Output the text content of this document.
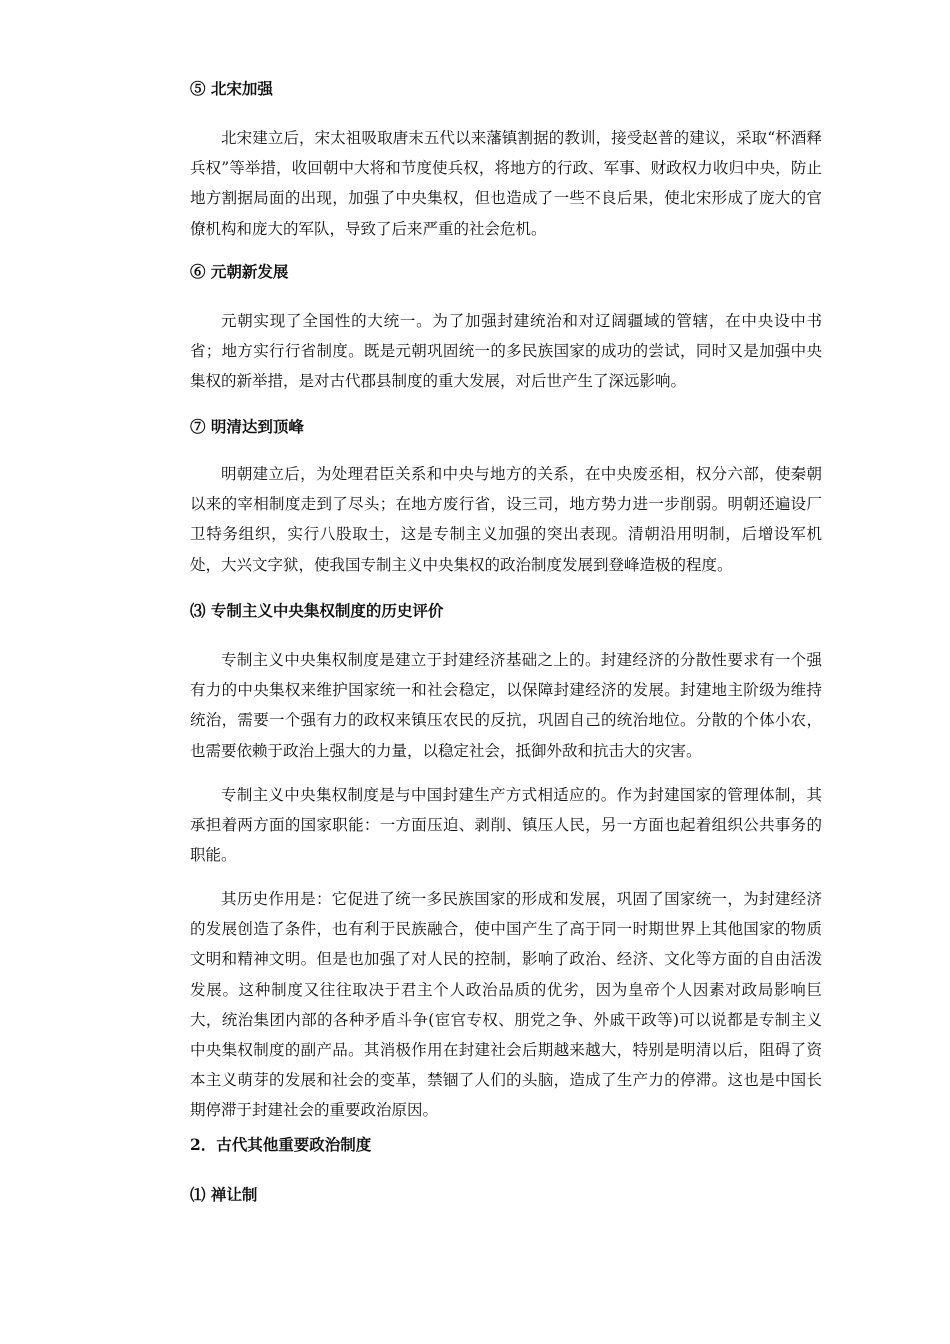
⑤ 北宋加强

北宋建立后，宋太祖吸取唐末五代以来藩镇割据的教训，接受赵普的建议，采取“杯酒释兵权”等举措，收回朝中大将和节度使兵权，将地方的行政、军事、财政权力收归中央，防止地方割据局面的出现，加强了中央集权，但也造成了一些不良后果，使北宋形成了庞大的官僚机构和庞大的军队，导致了后来严重的社会危机。

⑥ 元朝新发展

元朝实现了全国性的大统一。为了加强封建统治和对辽阔疆域的管辖，在中央设中书省；地方实行行省制度。既是元朝巩固统一的多民族国家的成功的尝试，同时又是加强中央集权的新举措，是对古代郡县制度的重大发展，对后世产生了深远影响。

⑦ 明清达到顶峰

明朝建立后，为处理君臣关系和中央与地方的关系，在中央废丞相，权分六部，使秦朝以来的宰相制度走到了尽头；在地方废行省，设三司，地方势力进一步削弱。明朝还遍设厂卫特务组织，实行八股取士，这是专制主义加强的突出表现。清朝沿用明制，后增设军机处，大兴文字狱，使我国专制主义中央集权的政治制度发展到登峰造极的程度。

⑶ 专制主义中央集权制度的历史评价

专制主义中央集权制度是建立于封建经济基础之上的。封建经济的分散性要求有一个强有力的中央集权来维护国家统一和社会稳定，以保障封建经济的发展。封建地主阶级为维持统治，需要一个强有力的政权来镇压农民的反抗，巩固自己的统治地位。分散的个体小农，也需要依赖于政治上强大的力量，以稳定社会，抵御外敌和抗击大的灾害。

专制主义中央集权制度是与中国封建生产方式相适应的。作为封建国家的管理体制，其承担着两方面的国家职能：一方面压迫、剥削、镇压人民，另一方面也起着组织公共事务的职能。

其历史作用是：它促进了统一多民族国家的形成和发展，巩固了国家统一，为封建经济的发展创造了条件，也有利于民族融合，使中国产生了高于同一时期世界上其他国家的物质文明和精神文明。但是也加强了对人民的控制，影响了政治、经济、文化等方面的自由活泼发展。这种制度又往往取决于君主个人政治品质的优劣，因为皇帝个人因素对政局影响巨大，统治集团内部的各种矛盾斗争(宦官专权、朋党之争、外戚干政等)可以说都是专制主义中央集权制度的副产品。其消极作用在封建社会后期越来越大，特别是明清以后，阻碍了资本主义萌芽的发展和社会的变革，禁锢了人们的头脑，造成了生产力的停滞。这也是中国长期停滞于封建社会的重要政治原因。

2．古代其他重要政治制度
⑴ 禅让制
